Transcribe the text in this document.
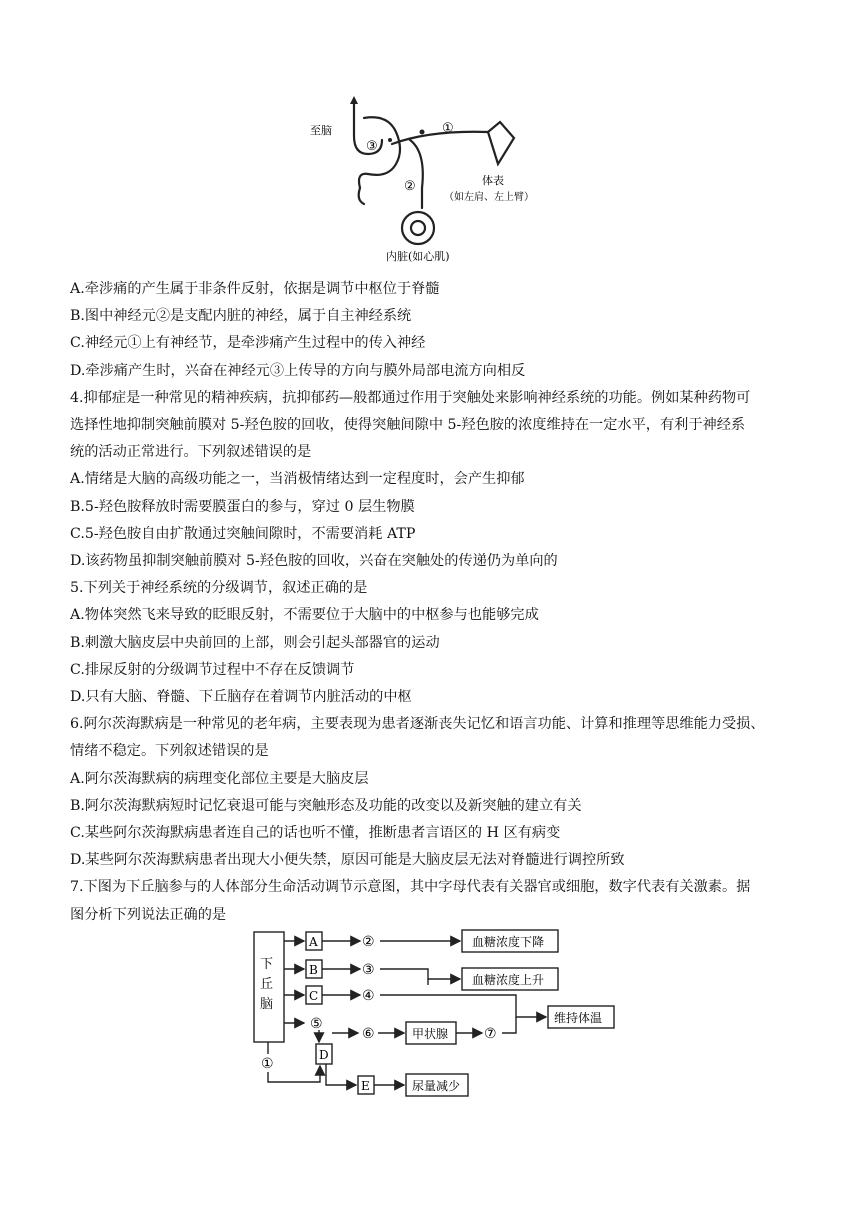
至脑
③
①
②	体表
（如左肩、左上臂）
内脏(如心肌)
A.牵涉痛的产生属于非条件反射，依据是调节中枢位于脊髓
B.图中神经元②是支配内脏的神经，属于自主神经系统
C.神经元①上有神经节，是牵涉痛产生过程中的传入神经
D.牵涉痛产生时，兴奋在神经元③上传导的方向与膜外局部电流方向相反
4.抑郁症是一种常见的精神疾病，抗抑郁药—般都通过作用于突触处来影响神经系统的功能。例如某种药物可
选择性地抑制突触前膜对 5-羟色胺的回收，使得突触间隙中 5-羟色胺的浓度维持在一定水平，有利于神经系
统的活动正常进行。下列叙述错误的是
A.情绪是大脑的高级功能之一，当消极情绪达到一定程度时，会产生抑郁
B.5-羟色胺释放时需要膜蛋白的参与，穿过 0 层生物膜
C.5-羟色胺自由扩散通过突触间隙时，不需要消耗 ATP
D.该药物虽抑制突触前膜对 5-羟色胺的回收，兴奋在突触处的传递仍为单向的
5.下列关于神经系统的分级调节，叙述正确的是
A.物体突然飞来导致的眨眼反射，不需要位于大脑中的中枢参与也能够完成
B.刺激大脑皮层中央前回的上部，则会引起头部器官的运动
C.排尿反射的分级调节过程中不存在反馈调节
D.只有大脑、脊髓、下丘脑存在着调节内脏活动的中枢
6.阿尔茨海默病是一种常见的老年病，主要表现为患者逐渐丧失记忆和语言功能、计算和推理等思维能力受损、
情绪不稳定。下列叙述错误的是
A.阿尔茨海默病的病理变化部位主要是大脑皮层
B.阿尔茨海默病短时记忆衰退可能与突触形态及功能的改变以及新突触的建立有关
C.某些阿尔茨海默病患者连自己的话也听不懂，推断患者言语区的 H 区有病变
D.某些阿尔茨海默病患者出现大小便失禁，原因可能是大脑皮层无法对脊髓进行调控所致
7.下图为下丘脑参与的人体部分生命活动调节示意图，其中字母代表有关器官或细胞，数字代表有关激素。据
图分析下列说法正确的是
下
丘
脑
A
B
C
D
E
②
③
④
⑤
⑥	⑦
①
血糖浓度下降
血糖浓度上升
维持体温
甲状腺
尿量减少
